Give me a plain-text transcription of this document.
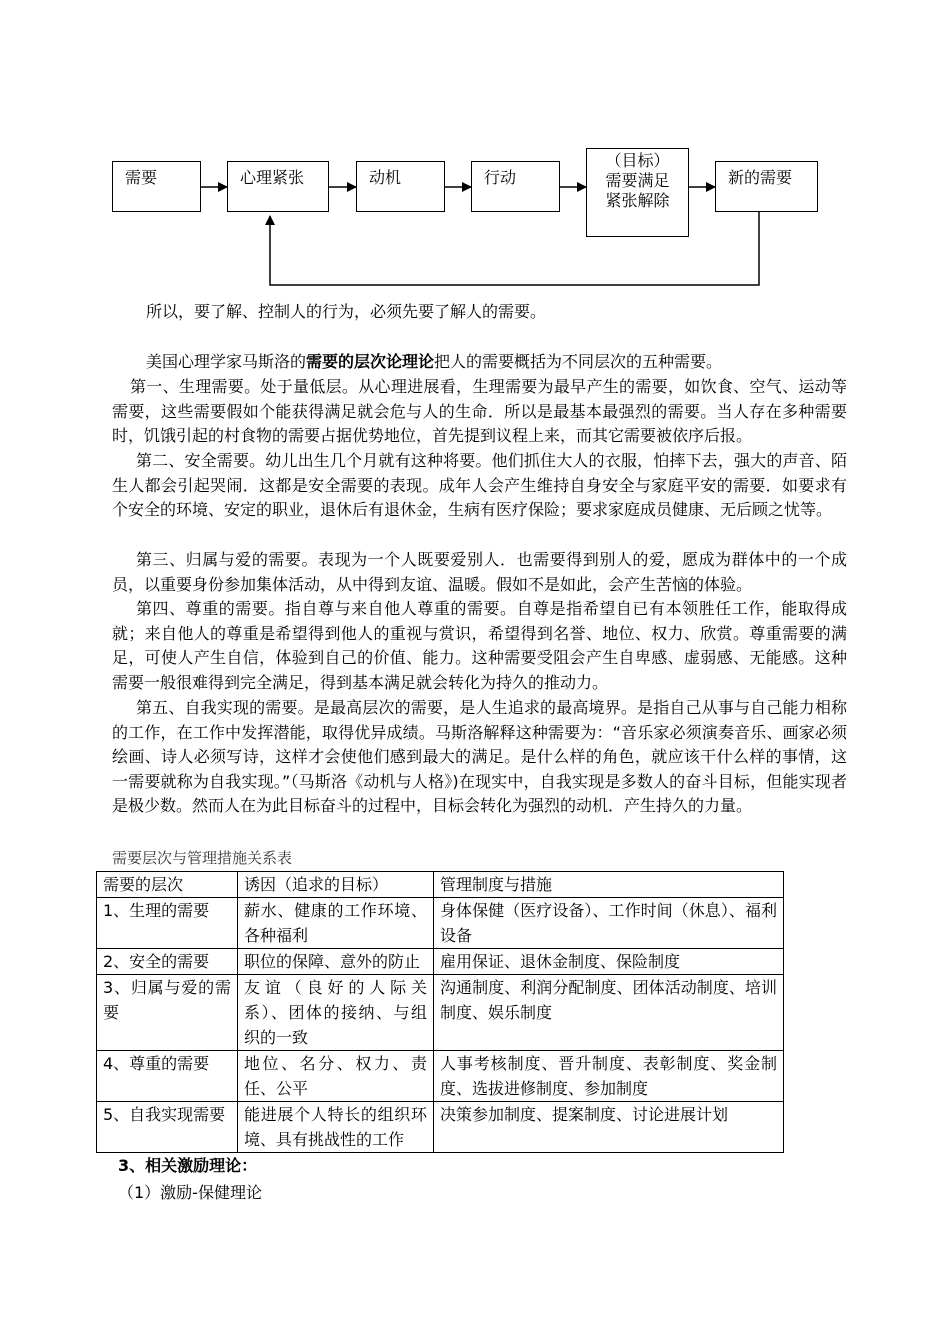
需要	心理紧张	动机	行动
（目标）
需要满足
紧张解除
新的需要
所以，要了解、控制人的行为，必须先要了解人的需要。
美国心理学家马斯洛的需要的层次论理论把人的需要概括为不同层次的五种需要。
第一、生理需要。处于量低层。从心理进展看，生理需要为最早产生的需要，如饮食、空气、运动等需要，这些需要假如个能获得满足就会危与人的生命．所以是最基本最强烈的需要。当人存在多种需要时，饥饿引起的村食物的需要占据优势地位，首先提到议程上来，而其它需要被依序后报。
第二、安全需要。幼儿出生几个月就有这种将要。他们抓住大人的衣服，怕摔下去，强大的声音、陌生人都会引起哭闹．这都是安全需要的表现。成年人会产生维持自身安全与家庭平安的需要．如要求有个安全的环境、安定的职业，退休后有退休金，生病有医疗保险；要求家庭成员健康、无后顾之忧等。
第三、归属与爱的需要。表现为一个人既要爱别人．也需要得到别人的爱，愿成为群体中的一个成员，以重要身份参加集体活动，从中得到友谊、温暖。假如不是如此，会产生苦恼的体验。
第四、尊重的需要。指自尊与来自他人尊重的需要。自尊是指希望自已有本领胜任工作，能取得成就；来自他人的尊重是希望得到他人的重视与赏识，希望得到名誉、地位、权力、欣赏。尊重需要的满足，可使人产生自信，体验到自己的价值、能力。这种需要受阻会产生自卑感、虚弱感、无能感。这种需要一般很难得到完全满足，得到基本满足就会转化为持久的推动力。
第五、自我实现的需要。是最高层次的需要，是人生追求的最高境界。是指自己从事与自己能力相称的工作，在工作中发挥潜能，取得优异成绩。马斯洛解释这种需要为：“音乐家必须演奏音乐、画家必须绘画、诗人必须写诗，这样才会使他们感到最大的满足。是什么样的角色，就应该干什么样的事情，这一需要就称为自我实现。”（马斯洛《动机与人格》)在现实中，自我实现是多数人的奋斗目标，但能实现者是极少数。然而人在为此目标奋斗的过程中，目标会转化为强烈的动机．产生持久的力量。
需要层次与管理措施关系表
需要的层次	诱因（追求的目标）	管理制度与措施
1、生理的需要	薪水、健康的工作环境、各种福利	身体保健（医疗设备）、工作时间（休息）、福利设备
2、安全的需要	职位的保障、意外的防止	雇用保证、退休金制度、保险制度
3、归属与爱的需要	友谊（良好的人际关系）、团体的接纳、与组织的一致	沟通制度、利润分配制度、团体活动制度、培训制度、娱乐制度
4、尊重的需要	地位、名分、权力、责任、公平	人事考核制度、晋升制度、表彰制度、奖金制度、选拔进修制度、参加制度
5、自我实现需要	能进展个人特长的组织环境、具有挑战性的工作	决策参加制度、提案制度、讨论进展计划
3、相关激励理论：
（1）激励-保健理论
